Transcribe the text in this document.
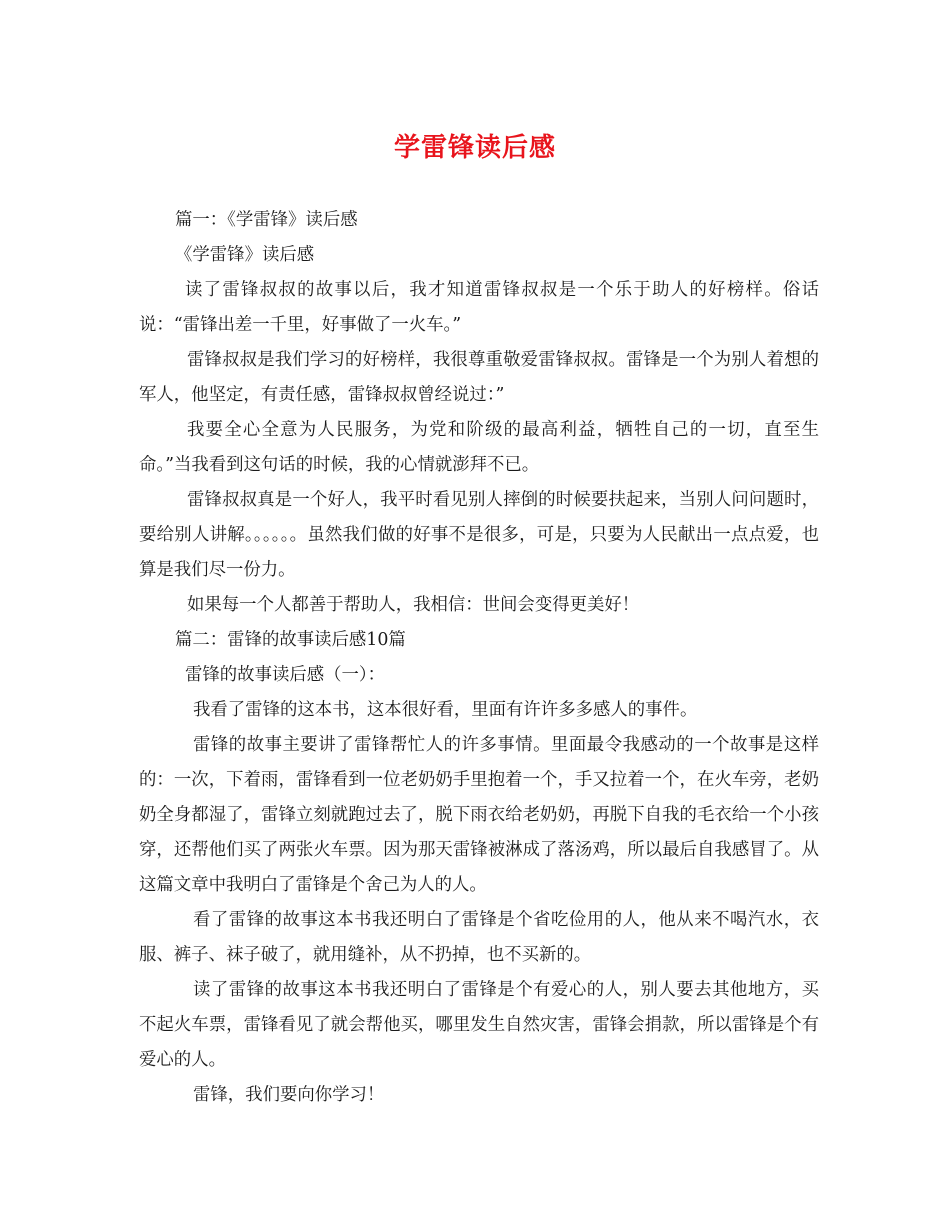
学雷锋读后感

篇一：《学雷锋》读后感

《学雷锋》读后感

读了雷锋叔叔的故事以后，我才知道雷锋叔叔是一个乐于助人的好榜样。俗话说：“雷锋出差一千里，好事做了一火车。”

雷锋叔叔是我们学习的好榜样，我很尊重敬爱雷锋叔叔。雷锋是一个为别人着想的军人，他坚定，有责任感，雷锋叔叔曾经说过：”

我要全心全意为人民服务，为党和阶级的最高利益，牺牲自己的一切，直至生命。”当我看到这句话的时候，我的心情就澎拜不已。

雷锋叔叔真是一个好人，我平时看见别人摔倒的时候要扶起来，当别人问问题时，要给别人讲解。。。。。。虽然我们做的好事不是很多，可是，只要为人民献出一点点爱，也算是我们尽一份力。

如果每一个人都善于帮助人，我相信：世间会变得更美好！

篇二：雷锋的故事读后感10篇

雷锋的故事读后感（一）：

我看了雷锋的这本书，这本很好看，里面有许许多多感人的事件。

雷锋的故事主要讲了雷锋帮忙人的许多事情。里面最令我感动的一个故事是这样的：一次，下着雨，雷锋看到一位老奶奶手里抱着一个，手又拉着一个，在火车旁，老奶奶全身都湿了，雷锋立刻就跑过去了，脱下雨衣给老奶奶，再脱下自我的毛衣给一个小孩穿，还帮他们买了两张火车票。因为那天雷锋被淋成了落汤鸡，所以最后自我感冒了。从这篇文章中我明白了雷锋是个舍己为人的人。

看了雷锋的故事这本书我还明白了雷锋是个省吃俭用的人，他从来不喝汽水，衣服、裤子、袜子破了，就用缝补，从不扔掉，也不买新的。

读了雷锋的故事这本书我还明白了雷锋是个有爱心的人，别人要去其他地方，买不起火车票，雷锋看见了就会帮他买，哪里发生自然灾害，雷锋会捐款，所以雷锋是个有爱心的人。

雷锋，我们要向你学习！
